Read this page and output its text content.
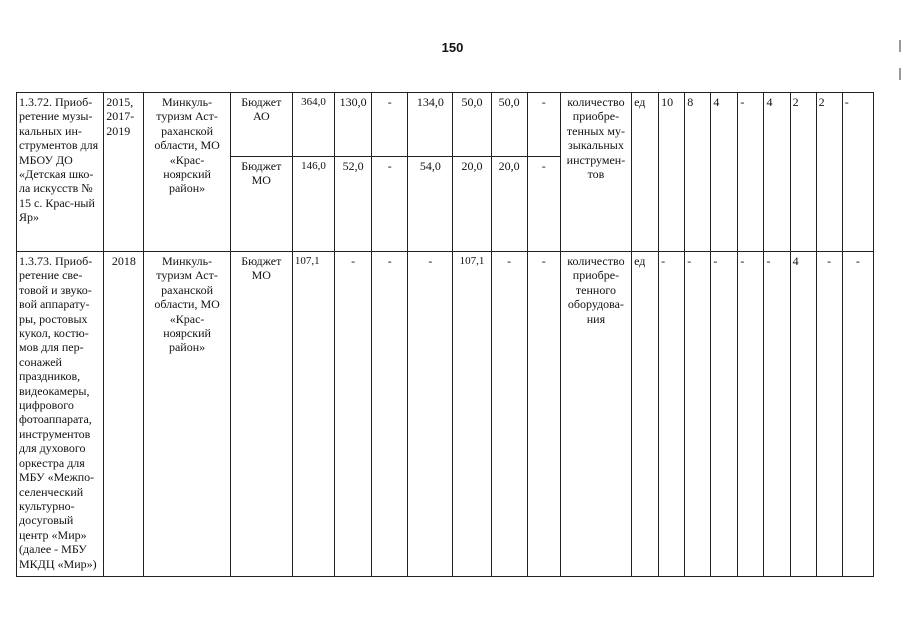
150
1.3.72. Приоб-ретение музы-кальных ин-струментов для МБОУ ДО «Детская шко-ла искусств № 15 с. Крас-ный Яр»	2015, 2017-2019	Минкуль-туризм Аст-раханской области, МО «Крас-ноярский район»	Бюджет АО	364,0	130,0	-	134,0	50,0	50,0	-	количество приобре-тенных му-зыкальных инструмен-тов	ед	10	8	4	-	4	2	2	-
			Бюджет МО	146,0	52,0	-	54,0	20,0	20,0	-										
1.3.73. Приоб-ретение све-товой и звуко-вой аппарату-ры, ростовых кукол, костю-мов для пер-сонажей праздников, видеокамеры, цифрового фотоаппарата, инструментов для духового оркестра для МБУ «Межпо-селенческий культурно-досуговый центр «Мир» (далее - МБУ МКДЦ «Мир»)	2018	Минкуль-туризм Аст-раханской области, МО «Крас-ноярский район»	Бюджет МО	107,1	-	-	-	107,1	-	-	количество приобре-тенного оборудова-ния	ед	-	-	-	-	-	4	-	-
